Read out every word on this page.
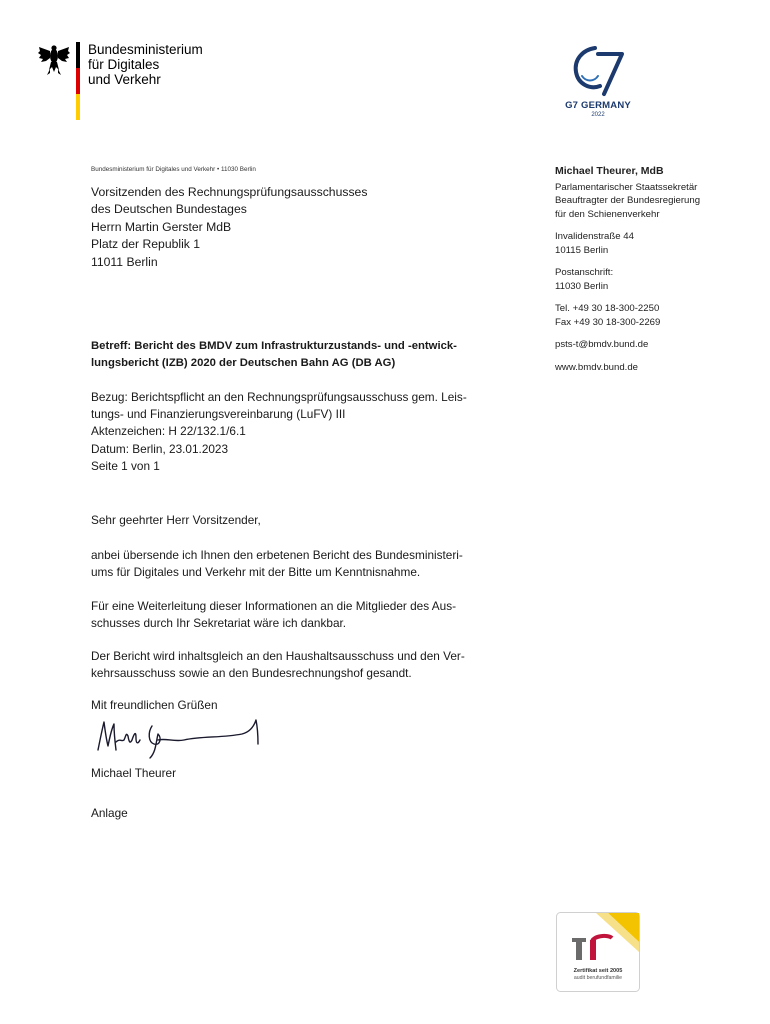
Bundesministerium
für Digitales
und Verkehr
G7 GERMANY
2022
Bundesministerium für Digitales und Verkehr • 11030 Berlin
Vorsitzenden des Rechnungsprüfungsausschusses
des Deutschen Bundestages
Herrn Martin Gerster MdB
Platz der Republik 1
11011 Berlin
Michael Theurer, MdB
Parlamentarischer Staatssekretär
Beauftragter der Bundesregierung
für den Schienenverkehr
Invalidenstraße 44
10115 Berlin
Postanschrift:
11030 Berlin
Tel. +49 30 18-300-2250
Fax +49 30 18-300-2269
psts-t@bmdv.bund.de
www.bmdv.bund.de
Betreff: Bericht des BMDV zum Infrastrukturzustands- und -entwick-
lungsbericht (IZB) 2020 der Deutschen Bahn AG (DB AG)
Bezug: Berichtspflicht an den Rechnungsprüfungsausschuss gem. Leis-
tungs- und Finanzierungsvereinbarung (LuFV) III
Aktenzeichen: H 22/132.1/6.1
Datum: Berlin, 23.01.2023
Seite 1 von 1

Sehr geehrter Herr Vorsitzender,

anbei übersende ich Ihnen den erbetenen Bericht des Bundesministeri-
ums für Digitales und Verkehr mit der Bitte um Kenntnisnahme.

Für eine Weiterleitung dieser Informationen an die Mitglieder des Aus-
schusses durch Ihr Sekretariat wäre ich dankbar.

Der Bericht wird inhaltsgleich an den Haushaltsausschuss und den Ver-
kehrsausschuss sowie an den Bundesrechnungshof gesandt.

Mit freundlichen Grüßen
Michael Theurer
Anlage
Zertifikat seit 2005
audit berufundfamilie
